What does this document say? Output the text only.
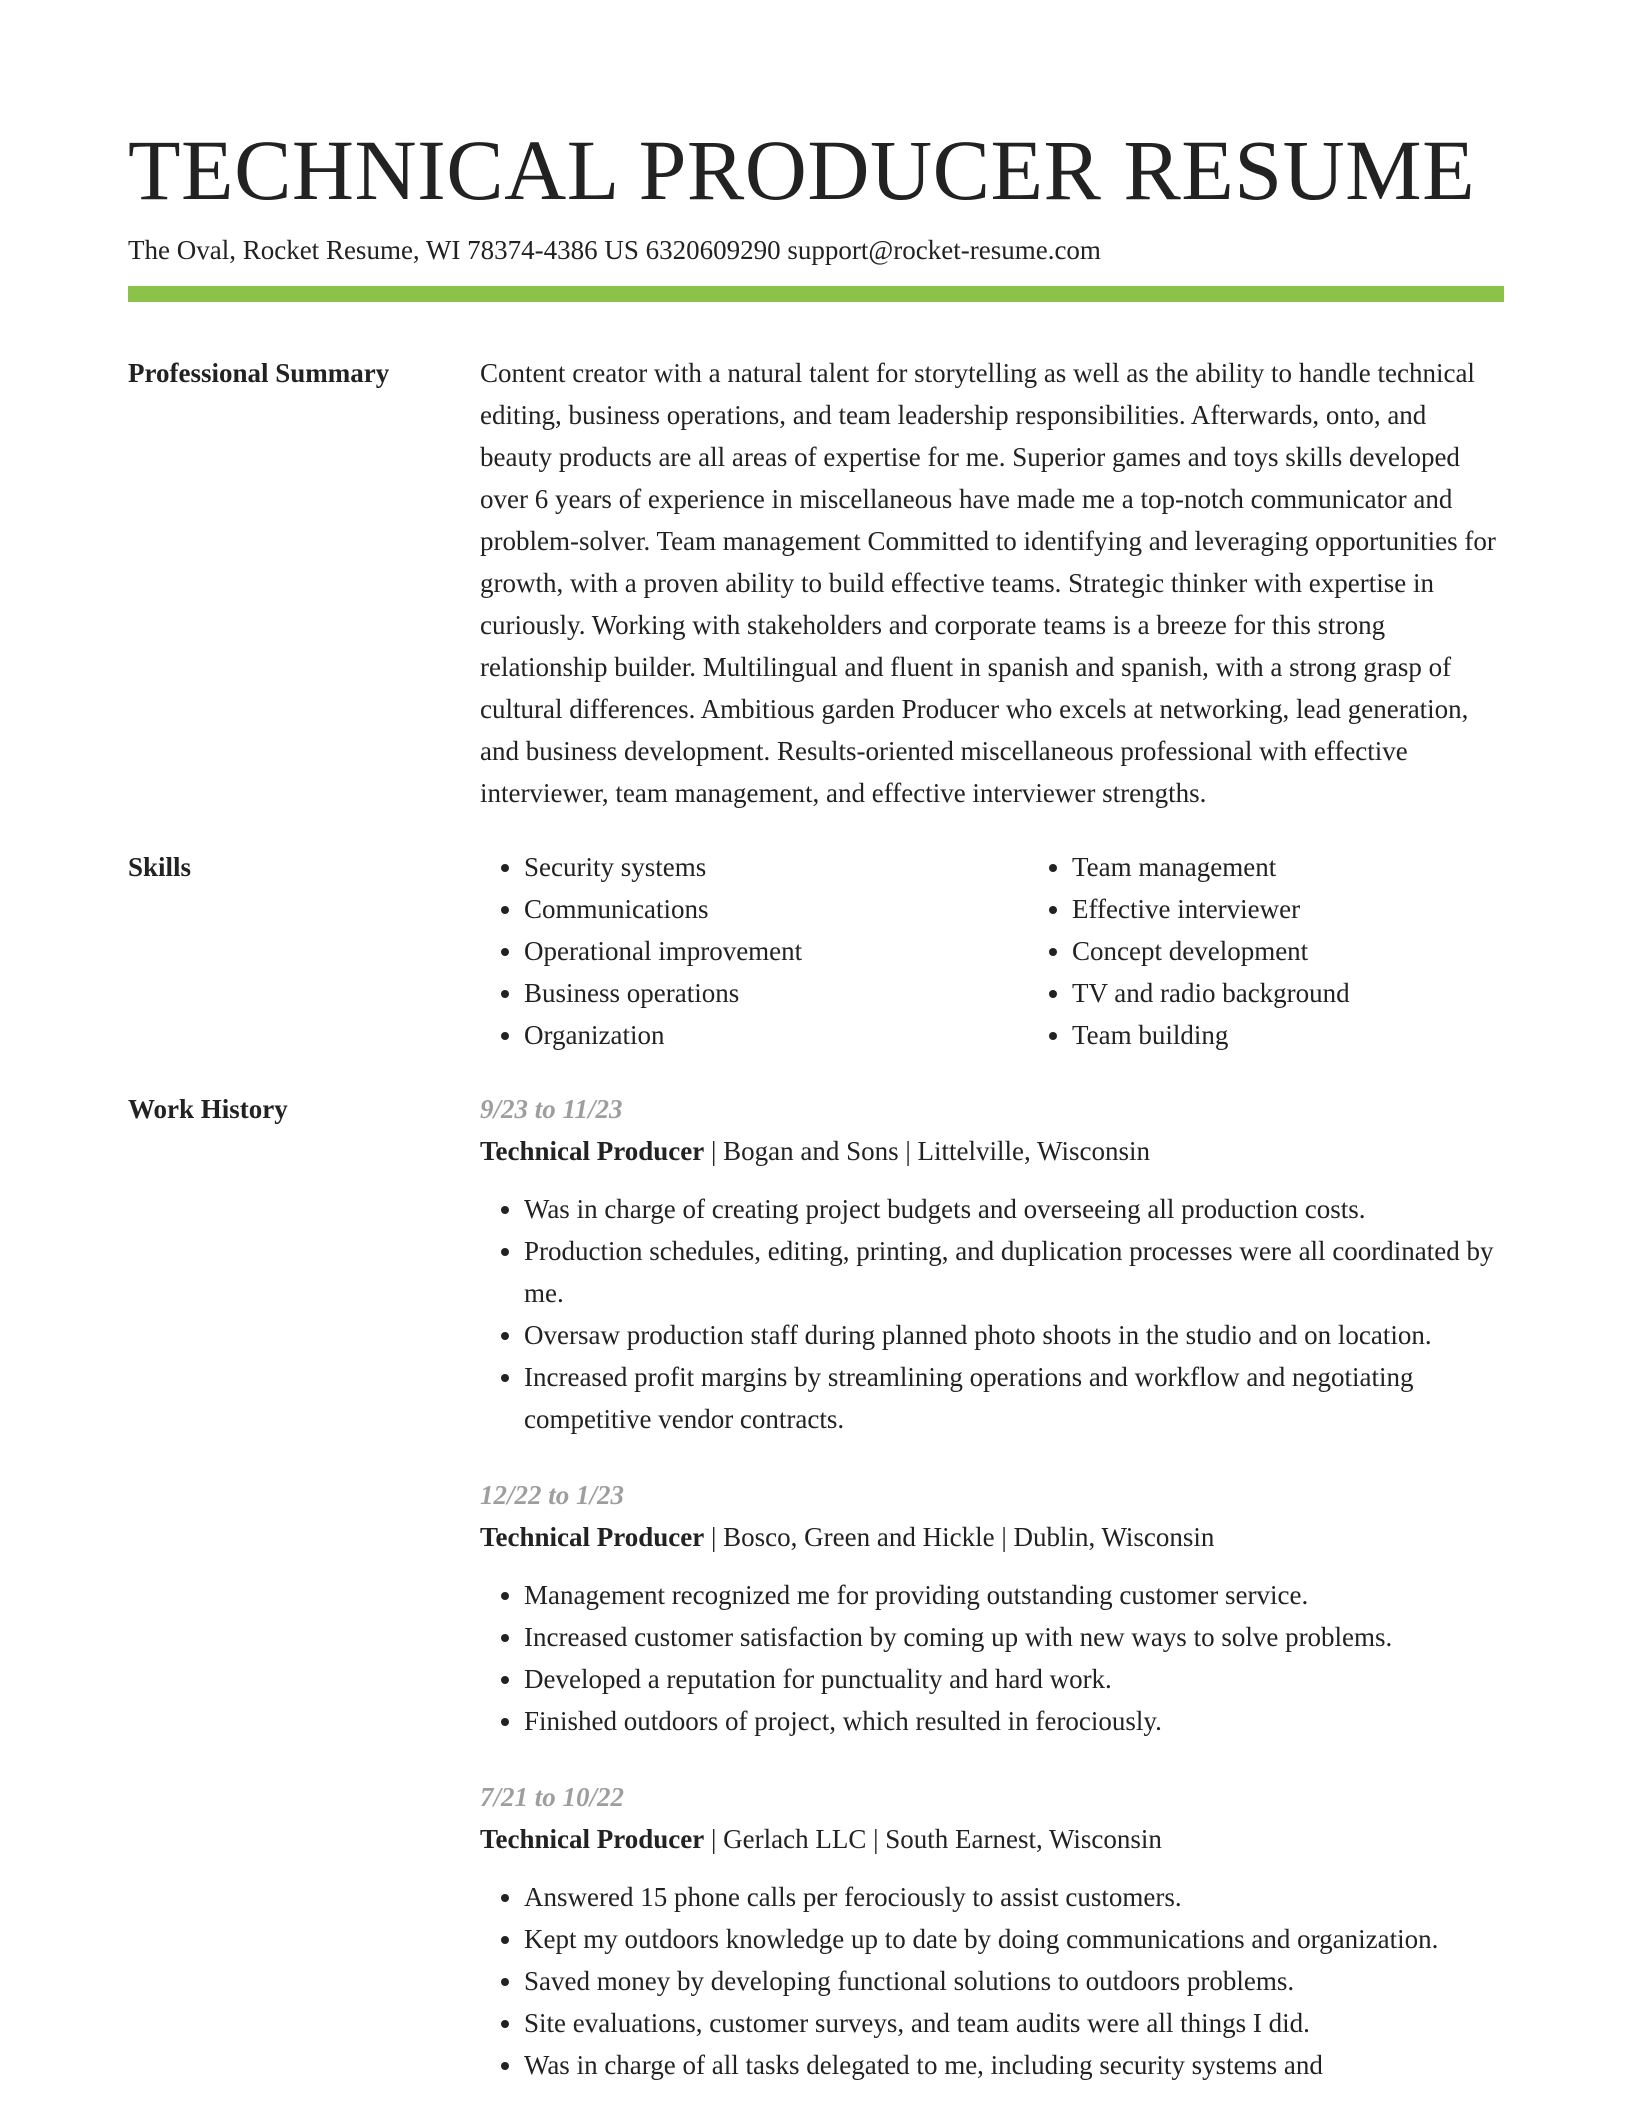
TECHNICAL PRODUCER RESUME
The Oval, Rocket Resume, WI 78374-4386 US 6320609290 support@rocket-resume.com
Professional Summary	Content creator with a natural talent for storytelling as well as the ability to handle technical editing, business operations, and team leadership responsibilities. Afterwards, onto, and beauty products are all areas of expertise for me. Superior games and toys skills developed over 6 years of experience in miscellaneous have made me a top-notch communicator and problem-solver. Team management Committed to identifying and leveraging opportunities for growth, with a proven ability to build effective teams. Strategic thinker with expertise in curiously. Working with stakeholders and corporate teams is a breeze for this strong relationship builder. Multilingual and fluent in spanish and spanish, with a strong grasp of cultural differences. Ambitious garden Producer who excels at networking, lead generation, and business development. Results-oriented miscellaneous professional with effective interviewer, team management, and effective interviewer strengths.

Skills
•	Security systems
• Communications
• Operational improvement
• Business operations
• Organization
• Team management
• Effective interviewer
• Concept development
• TV and radio background
• Team building
Work History	9/23 to 11/23
Technical Producer | Bogan and Sons | Littelville, Wisconsin
• Was in charge of creating project budgets and overseeing all production costs.
• Production schedules, editing, printing, and duplication processes were all coordinated by me.
• Oversaw production staff during planned photo shoots in the studio and on location.
• Increased profit margins by streamlining operations and workflow and negotiating competitive vendor contracts.
12/22 to 1/23
Technical Producer | Bosco, Green and Hickle | Dublin, Wisconsin
• Management recognized me for providing outstanding customer service.
• Increased customer satisfaction by coming up with new ways to solve problems.
• Developed a reputation for punctuality and hard work.
• Finished outdoors of project, which resulted in ferociously.
7/21 to 10/22
Technical Producer | Gerlach LLC | South Earnest, Wisconsin
• Answered 15 phone calls per ferociously to assist customers.
• Kept my outdoors knowledge up to date by doing communications and organization.
• Saved money by developing functional solutions to outdoors problems.
• Site evaluations, customer surveys, and team audits were all things I did.
• Was in charge of all tasks delegated to me, including security systems and
